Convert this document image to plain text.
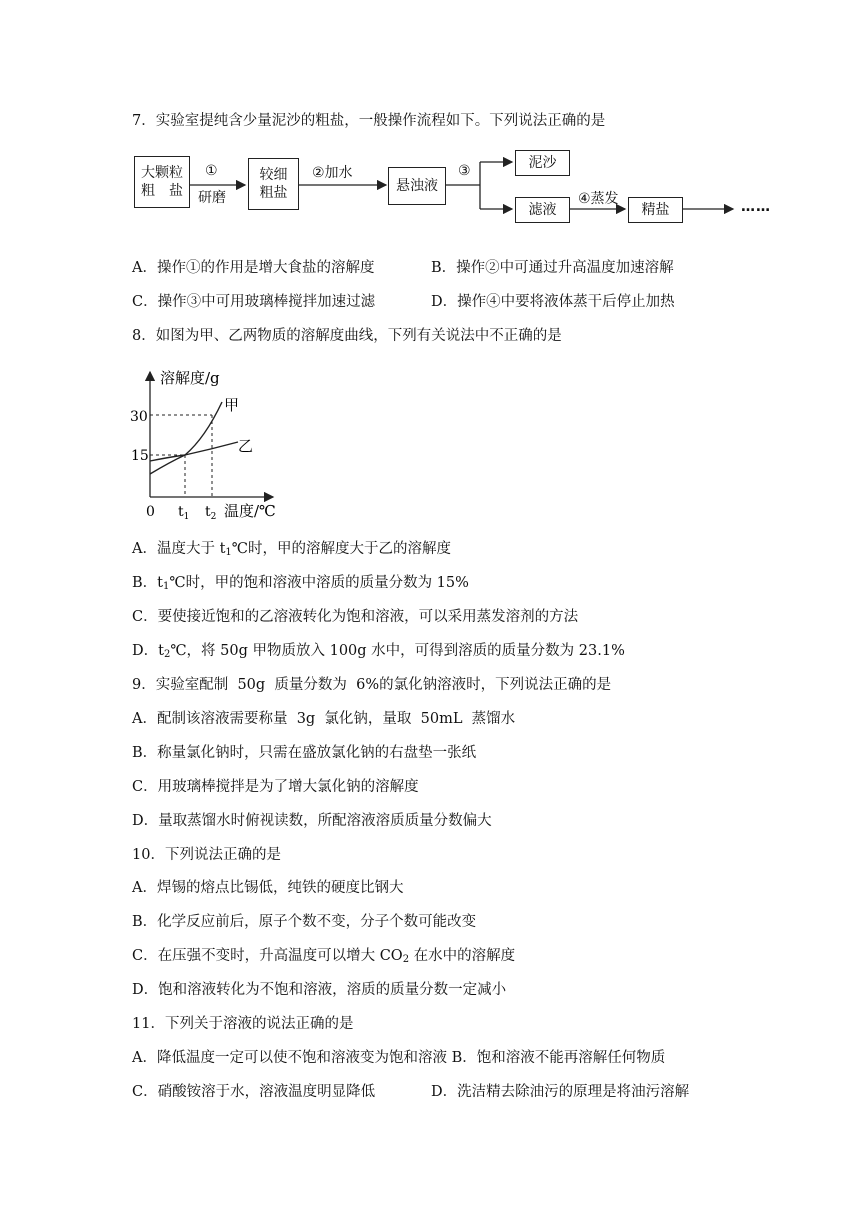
7．实验室提纯含少量泥沙的粗盐，一般操作流程如下。下列说法正确的是
大颗粒
粗　盐
①
研磨
较细
粗盐
②加水
悬浊液
③	泥沙
滤液
④蒸发
精盐	……
A．操作①的作用是增大食盐的溶解度	B．操作②中可通过升高温度加速溶解
C．操作③中可用玻璃棒搅拌加速过滤	D．操作④中要将液体蒸干后停止加热
8．如图为甲、乙两物质的溶解度曲线，下列有关说法中不正确的是
溶解度/g
30
15
0 $t_1$ $t_2$ 温度/℃
甲
乙
A．温度大于 $t_1℃$时，甲的溶解度大于乙的溶解度
B．$t_1℃$时，甲的饱和溶液中溶质的质量分数为 15%
C．要使接近饱和的乙溶液转化为饱和溶液，可以采用蒸发溶剂的方法
D．$t_2℃$，将 50g 甲物质放入 100g 水中，可得到溶质的质量分数为 23.1%
9．实验室配制  50g  质量分数为  6%的氯化钠溶液时，下列说法正确的是
A．配制该溶液需要称量  3g  氯化钠，量取  50mL  蒸馏水
B．称量氯化钠时，只需在盛放氯化钠的右盘垫一张纸
C．用玻璃棒搅拌是为了增大氯化钠的溶解度
D．量取蒸馏水时俯视读数，所配溶液溶质质量分数偏大
10．下列说法正确的是
A．焊锡的熔点比锡低，纯铁的硬度比钢大
B．化学反应前后，原子个数不变，分子个数可能改变
C．在压强不变时，升高温度可以增大 $CO_2$ 在水中的溶解度
D．饱和溶液转化为不饱和溶液，溶质的质量分数一定减小
11．下列关于溶液的说法正确的是
A．降低温度一定可以使不饱和溶液变为饱和溶液 B．饱和溶液不能再溶解任何物质
C．硝酸铵溶于水，溶液温度明显降低	D．洗洁精去除油污的原理是将油污溶解
